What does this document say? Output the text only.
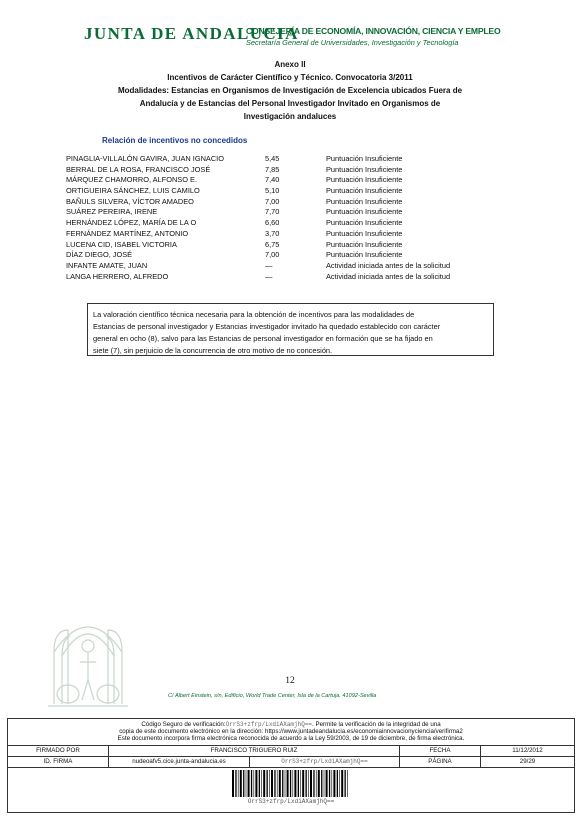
JUNTA DE ANDALUCIA
CONSEJERÍA DE ECONOMÍA, INNOVACIÓN, CIENCIA Y EMPLEO
Secretaría General de Universidades, Investigación y Tecnología
Anexo II
Incentivos de Carácter Científico y Técnico. Convocatoria 3/2011
Modalidades: Estancias en Organismos de Investigación de Excelencia ubicados Fuera de
Andalucía y de Estancias del Personal Investigador Invitado en Organismos de
Investigación andaluces
Relación de incentivos no concedidos
PINAGLIA-VILLALÓN GAVIRA, JUAN IGNACIO	5,45	Puntuación Insuficiente
BERRAL DE LA ROSA, FRANCISCO JOSÉ	7,85	Puntuación Insuficiente
MÁRQUEZ CHAMORRO, ALFONSO E.	7,40	Puntuación Insuficiente
ORTIGUEIRA SÁNCHEZ, LUIS CAMILO	5,10	Puntuación Insuficiente
BAÑULS SILVERA, VÍCTOR AMADEO	7,00	Puntuación Insuficiente
SUÁREZ PEREIRA, IRENE	7,70	Puntuación Insuficiente
HERNÁNDEZ LÓPEZ, MARÍA DE LA O	6,60	Puntuación Insuficiente
FERNÁNDEZ MARTÍNEZ, ANTONIO	3,70	Puntuación Insuficiente
LUCENA CID, ISABEL VICTORIA	6,75	Puntuación Insuficiente
DÍAZ DIEGO, JOSÉ	7,00	Puntuación Insuficiente
INFANTE AMATE, JUAN	—	Actividad iniciada antes de la solicitud
LANGA HERRERO, ALFREDO	—	Actividad iniciada antes de la solicitud

La valoración científico técnica necesaria para la obtención de incentivos para las modalidades de
Estancias de personal investigador y Estancias investigador invitado ha quedado establecido con carácter
general en ocho (8), salvo para las Estancias de personal investigador en formación que se ha fijado en
siete (7), sin perjuicio de la concurrencia de otro motivo de no concesión.

12
C/ Albert Einstein, s/n, Edificio, World Trade Center, Isla de la Cartuja. 41092-Sevilla
Código Seguro de verificación:OrrS3+zfrp/LxdiAXamjhQ==. Permite la verificación de la integridad de una
copia de este documento electrónico en la dirección: https://www.juntadeandalucia.es/economiainnovacionyciencia/verifirma2
Este documento incorpora firma electrónica reconocida de acuerdo a la Ley 59/2003, de 19 de diciembre, de firma electrónica.
FIRMADO POR	FRANCISCO TRIGUERO RUIZ	FECHA	11/12/2012
ID. FIRMA	nudeoafv5.cice.junta-andalucia.es	OrrS3+zfrp/LxdiAXamjhQ==	PÁGINA	29/29
OrrS3+zfrp/LxdiAXamjhQ==
